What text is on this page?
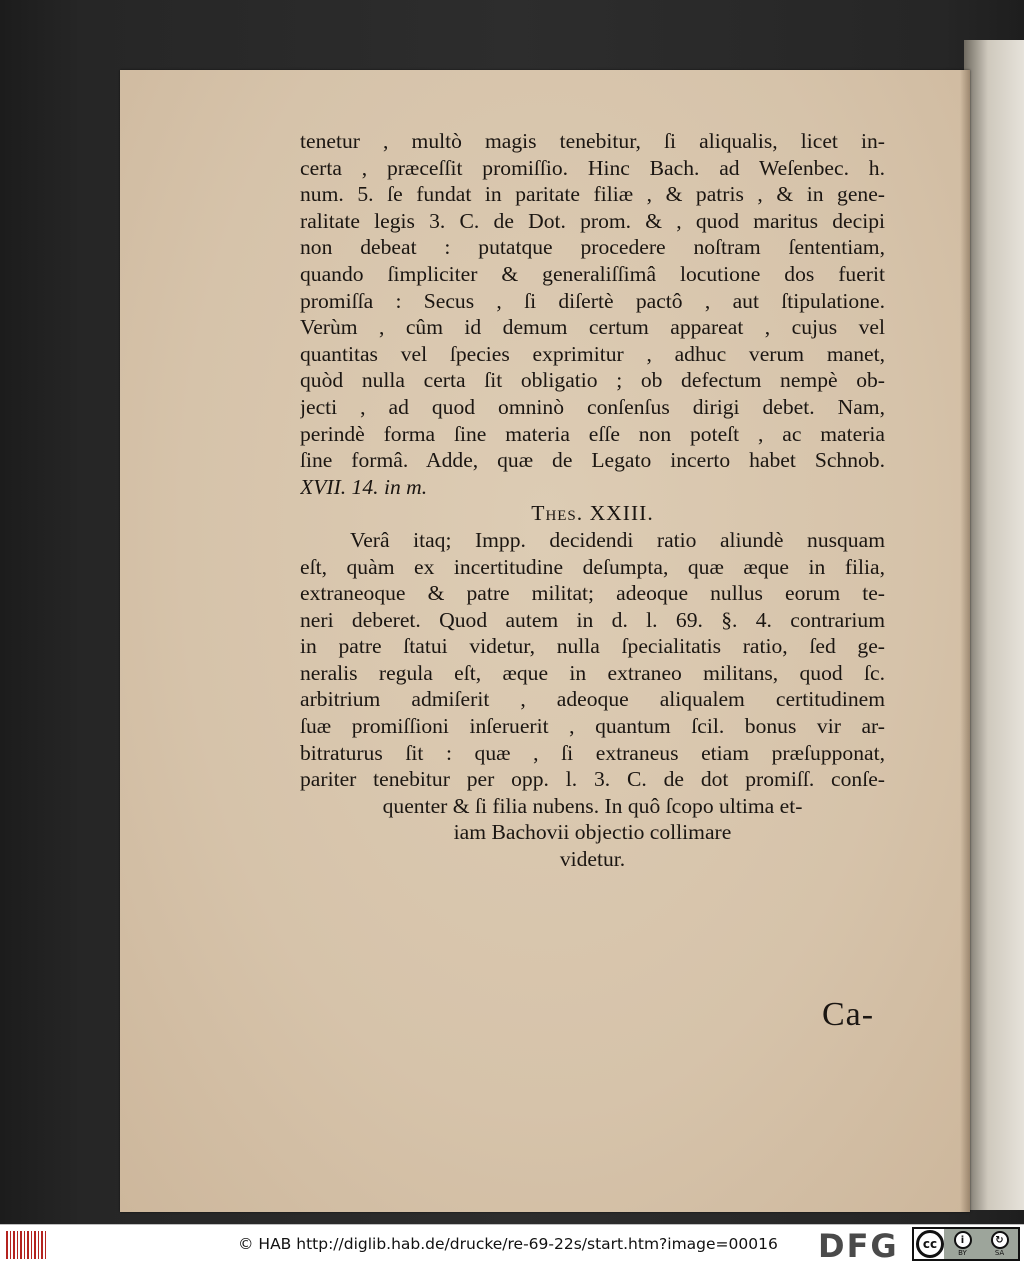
tenetur , multò magis tenebitur, ſi aliqualis, licet in-
certa , præceſſit promiſſio. Hinc Bach. ad Weſenbec. h.
num. 5. ſe fundat in paritate filiæ , & patris , & in gene-
ralitate legis 3. C. de Dot. prom. & , quod maritus decipi
non debeat : putatque procedere noſtram ſententiam,
quando ſimpliciter & generaliſſimâ locutione dos fuerit
promiſſa : Secus , ſi diſertè pactô , aut ſtipulatione.
Verùm , cûm id demum certum appareat , cujus vel
quantitas vel ſpecies exprimitur , adhuc verum manet,
quòd nulla certa ſit obligatio ; ob defectum nempè ob-
jecti , ad quod omninò conſenſus dirigi debet. Nam,
perindè forma ſine materia eſſe non poteſt , ac materia
ſine formâ. Adde, quæ de Legato incerto habet Schnob.
XVII. 14. in m.
Thes. XXIII.
Verâ itaq; Impp. decidendi ratio aliundè nusquam
eſt, quàm ex incertitudine deſumpta, quæ æque in filia,
extraneoque & patre militat; adeoque nullus eorum te-
neri deberet. Quod autem in d. l. 69. §. 4. contrarium
in patre ſtatui videtur, nulla ſpecialitatis ratio, ſed ge-
neralis regula eſt, æque in extraneo militans, quod ſc.
arbitrium admiſerit , adeoque aliqualem certitudinem
ſuæ promiſſioni inſeruerit , quantum ſcil. bonus vir ar-
bitraturus ſit : quæ , ſi extraneus etiam præſupponat,
pariter tenebitur per opp. l. 3. C. de dot promiſſ. conſe-
quenter & ſi filia nubens. In quô ſcopo ultima et-
iam Bachovii objectio collimare
videtur.
Ca-
© HAB http://diglib.hab.de/drucke/re-69-22s/start.htm?image=00016 DFG	cc	i
BY
↻
SA
